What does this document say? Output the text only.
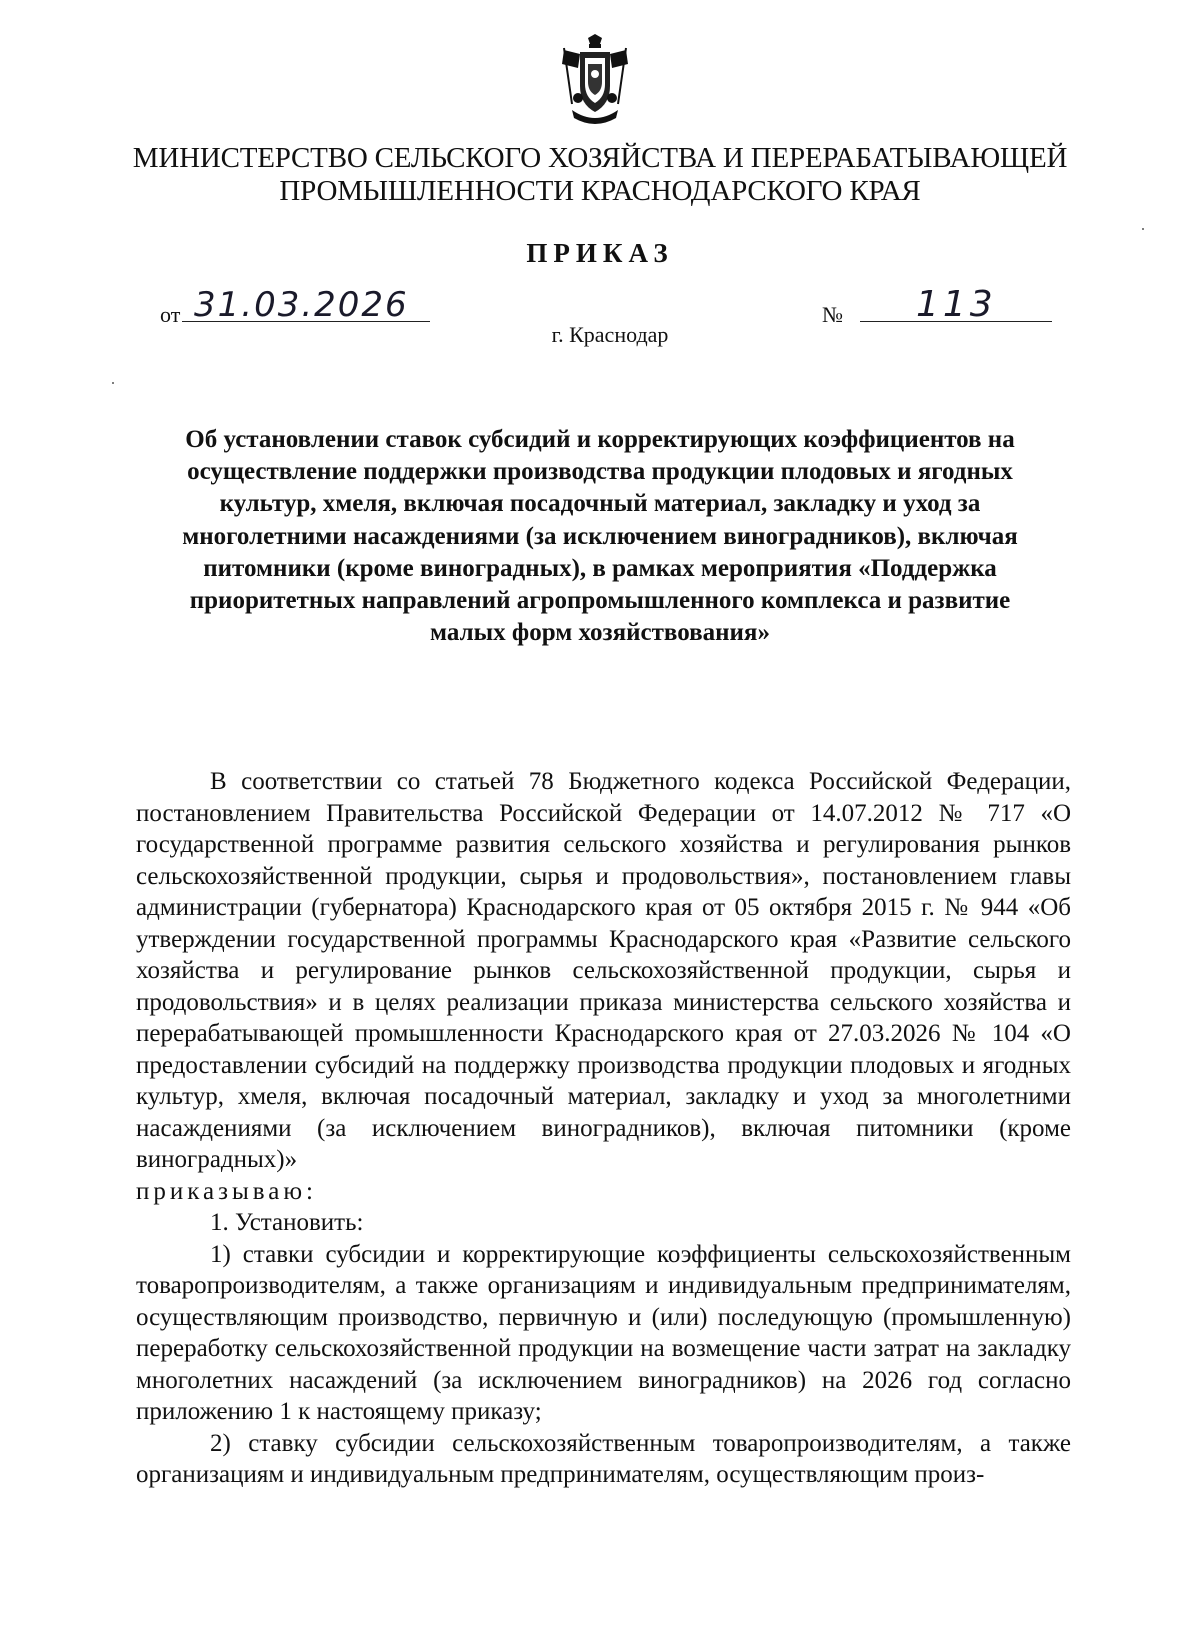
МИНИСТЕРСТВО СЕЛЬСКОГО ХОЗЯЙСТВА И ПЕРЕРАБАТЫВАЮЩЕЙ
ПРОМЫШЛЕННОСТИ КРАСНОДАРСКОГО КРАЯ
ПРИКАЗ
от 31.03.2026
г. Краснодар
№	113
Об установлении ставок субсидий и корректирующих коэффициентов на осуществление поддержки производства продукции плодовых и ягодных культур, хмеля, включая посадочный материал, закладку и уход за многолетними насаждениями (за исключением виноградников), включая питомники (кроме виноградных), в рамках мероприятия «Поддержка приоритетных направлений агропромышленного комплекса и развитие малых форм хозяйствования»

В соответствии со статьей 78 Бюджетного кодекса Российской Федерации, постановлением Правительства Российской Федерации от 14.07.2012 № 717 «О государственной программе развития сельского хозяйства и регулирования рынков сельскохозяйственной продукции, сырья и продовольствия», постановлением главы администрации (губернатора) Краснодарского края от 05 октября 2015 г. № 944 «Об утверждении государственной программы Краснодарского края «Развитие сельского хозяйства и регулирование рынков сельскохозяйственной продукции, сырья и продовольствия» и в целях реализации приказа министерства сельского хозяйства и перерабатывающей промышленности Краснодарского края от 27.03.2026 № 104 «О предоставлении субсидий на поддержку производства продукции плодовых и ягодных культур, хмеля, включая посадочный материал, закладку и уход за многолетними насаждениями (за исключением виноградников), включая питомники (кроме виноградных)»

приказываю:

1. Установить:

1) ставки субсидии и корректирующие коэффициенты сельскохозяйственным товаропроизводителям, а также организациям и индивидуальным предпринимателям, осуществляющим производство, первичную и (или) последующую (промышленную) переработку сельскохозяйственной продукции на возмещение части затрат на закладку многолетних насаждений (за исключением виноградников) на 2026 год согласно приложению 1 к настоящему приказу;

2) ставку субсидии сельскохозяйственным товаропроизводителям, а также организациям и индивидуальным предпринимателям, осуществляющим произ-
